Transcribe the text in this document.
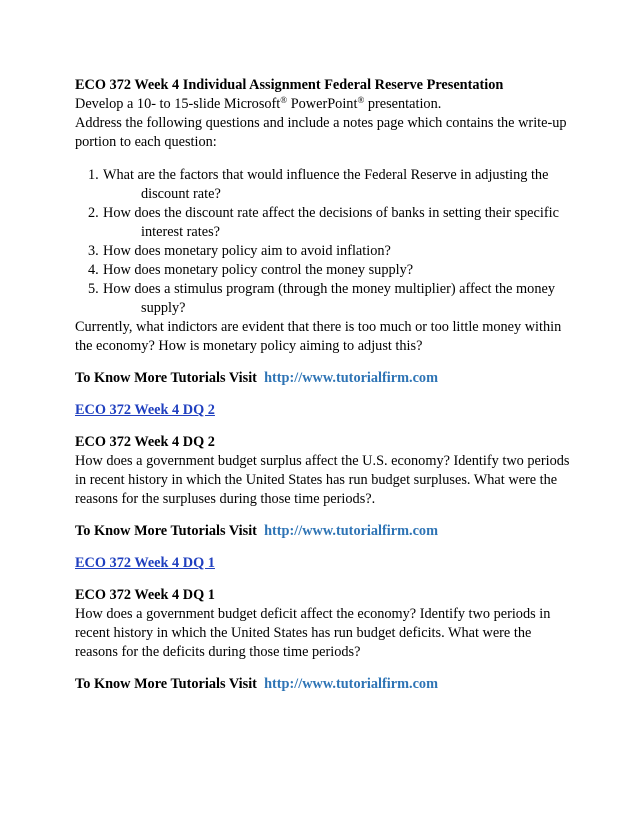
ECO 372 Week 4 Individual Assignment Federal Reserve Presentation

Develop a 10- to 15-slide Microsoft® PowerPoint® presentation.

Address the following questions and include a notes page which contains the write-up portion to each question:

1. What are the factors that would influence the Federal Reserve in adjusting the discount rate?
2. How does the discount rate affect the decisions of banks in setting their specific interest rates?
3. How does monetary policy aim to avoid inflation?
4. How does monetary policy control the money supply?
5. How does a stimulus program (through the money multiplier) affect the money supply?

Currently, what indictors are evident that there is too much or too little money within the economy? How is monetary policy aiming to adjust this?

To Know More Tutorials Visit http://www.tutorialfirm.com

ECO 372 Week 4 DQ 2

ECO 372 Week 4 DQ 2

How does a government budget surplus affect the U.S. economy? Identify two periods in recent history in which the United States has run budget surpluses. What were the reasons for the surpluses during those time periods?.

To Know More Tutorials Visit http://www.tutorialfirm.com

ECO 372 Week 4 DQ 1

ECO 372 Week 4 DQ 1

How does a government budget deficit affect the economy? Identify two periods in recent history in which the United States has run budget deficits. What were the reasons for the deficits during those time periods?

To Know More Tutorials Visit http://www.tutorialfirm.com
